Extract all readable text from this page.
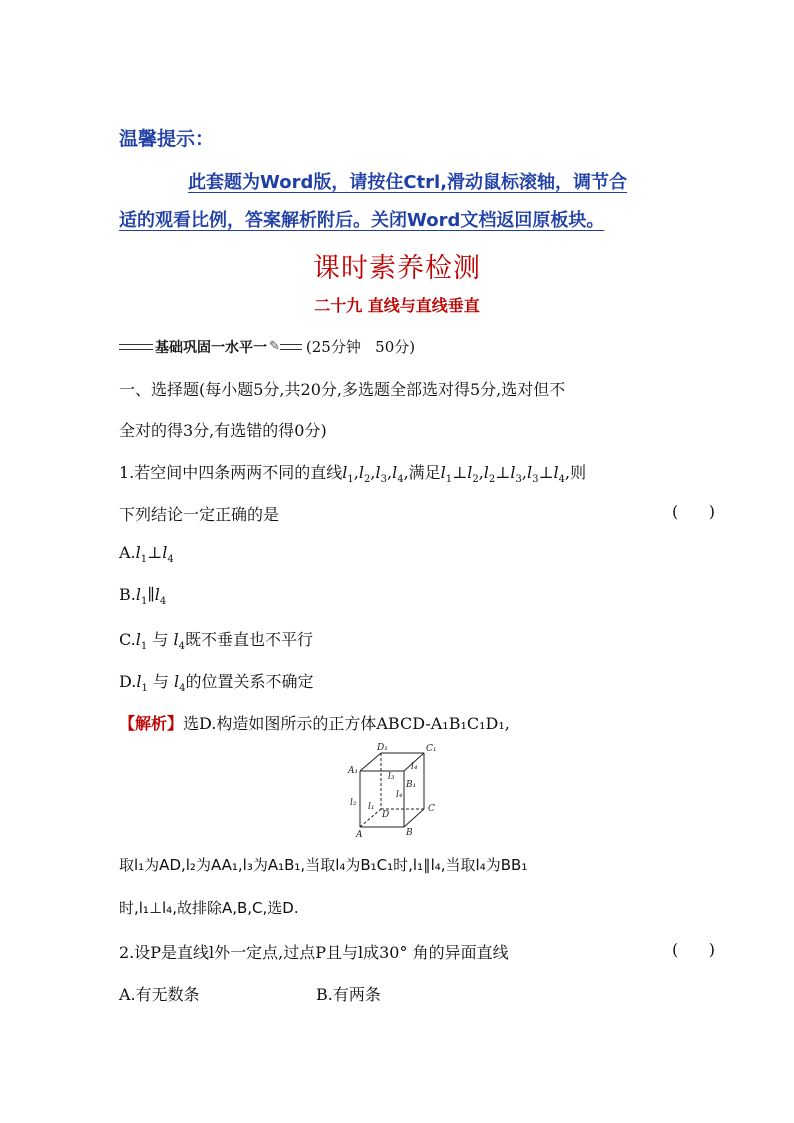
温馨提示：
此套题为Word版，请按住Ctrl,滑动鼠标滚轴，调节合
适的观看比例，答案解析附后。关闭Word文档返回原板块。
课时素养检测
二十九 直线与直线垂直
基础巩固一水平一 ✎ (25分钟   50分)
一、选择题(每小题5分,共20分,多选题全部选对得5分,选对但不
全对的得3分,有选错的得0分)
1.若空间中四条两两不同的直线$l_1,l_2,l_3,l_4$,满足$l_1\perp l_2,l_2\perp l_3,l_3\perp l_4$,则
下列结论一定正确的是	(      )
$A.l_1\perp l_4$
$B.l_1\parallel l_4$
$C.l_1$ 与 $l_4$既不垂直也不平行
$D.l_1$ 与 $l_4$的位置关系不确定
【解析】选D.构造如图所示的正方体ABCD-A₁B₁C₁D₁,
D₁	C₁
A₁
B₁
A	B
C
D
l₁
l₂
l₃
l₄
l₄
取l₁为AD,l₂为AA₁,l₃为A₁B₁,当取l₄为B₁C₁时,l₁∥l₄,当取l₄为BB₁
时,l₁⊥l₄,故排除A,B,C,选D.
2.设P是直线l外一定点,过点P且与l成30° 角的异面直线	(      )
A.有无数条	B.有两条
